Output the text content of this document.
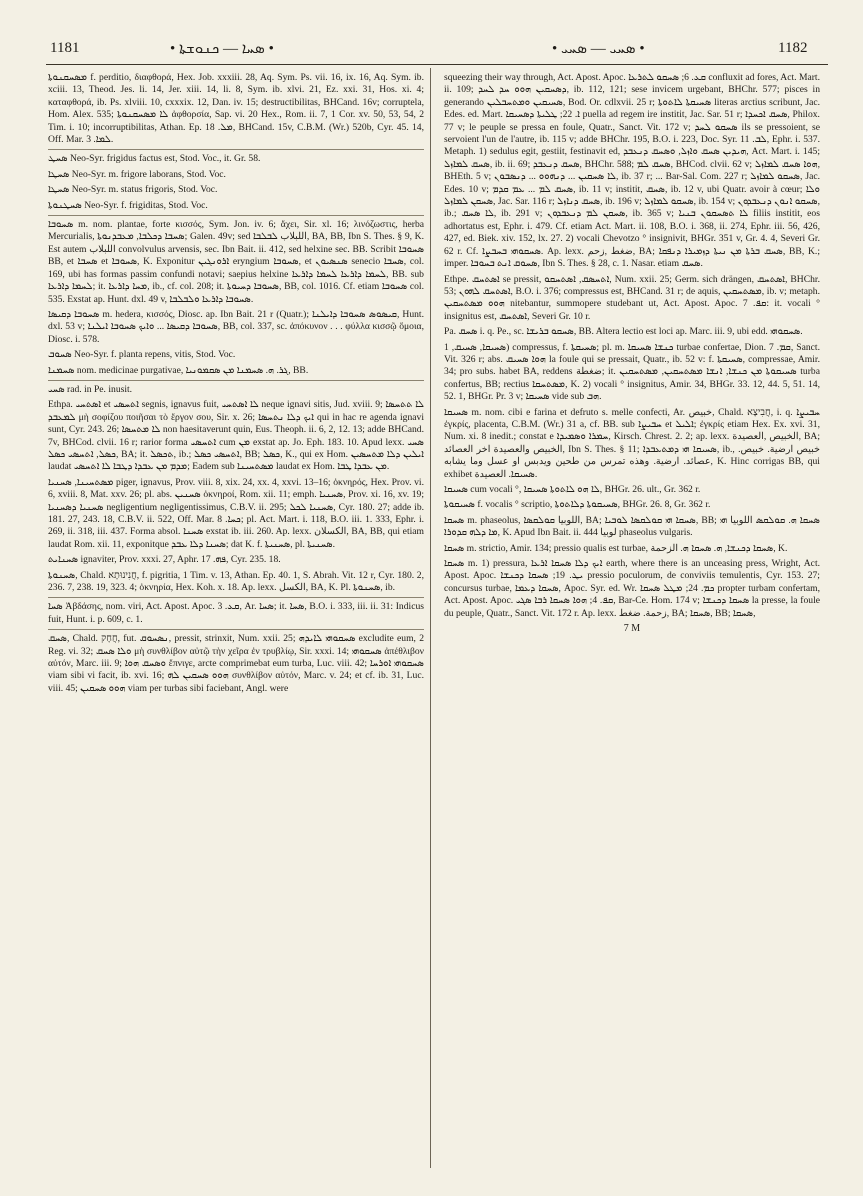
1181	• ܣܚܐ — ܟܢܘܫܬܐ •	• ܣܚܝ — ܣܚܝ •	1182

ܡܣܚܩܢܘܬܐ f. perditio, διαφθορά, Hex. Job. xxxiii. 28, Aq. Sym. Ps. vii. 16, ix. 16, Aq. Sym. ib. xciii. 13, Theod. Jes. li. 14, Jer. xiii. 14, li. 8, Sym. ib. xlvi. 21, Ez. xxi. 31, Hos. xi. 4; καταφθορά, ib. Ps. xlviii. 10, cxxxix. 12, Dan. iv. 15; destructibilitas, BHCand. 16v; corruptela, Hom. Alex. 535; ܠܐ ܡܣܚܩܢܘܬܐ ἀφθορσία, Sap. vi. 20 Hex., Rom. ii. 7, 1 Cor. xv. 50, 53, 54, 2 Tim. i. 10; incorruptibilitas, Athan. Ep. ܡܠ. 18, BHCand. 15v, C.B.M. (Wr.) 520b, Cyr. 45. 14, Off. Mar. ܠܡܐ. 3.

ܣܚܛ Neo-Syr. frigidus factus est, Stod. Voc., it. Gr. 58.

ܣܚܛܐ Neo-Syr. m. frigore laborans, Stod. Voc.

ܣܚܛܐ Neo-Syr. m. status frigoris, Stod. Voc.

ܣܚܛܢܘܬܐ Neo-Syr. f. frigiditas, Stod. Voc.

ܣܚܘܒܐ m. nom. plantae, forte κισσός, Sym. Jon. iv. 6; ἄχει, Sir. xl. 16; λινόζωστις, herba Mercurialis, ܣܚܒܐ ܕܟܠܒܐ, ܡܥܒܕܢܘܬܐ; Galen. 49v; sed اللبلاب ܠܒܠܒܐ, BA, BB, Ibn S. Thes. § 9, K. Est autem اللبلاب convolvulus arvensis, sec. Ibn Bait. ii. 412, sed helxine sec. BB. Scribit ܣܚܘܒܐ BB, et ܣܚܒܐ et ܣܚܘܒܐ, K. Exponitur ܐܪܘܢܓܝܢ eryngium ܣܚܘܒܐ, et ܣܢܣܝܘܢ senecio ܣܚܒܐ, col. 169, ubi has formas passim confundi notavi; saepius helxine ܠܚܡܐ ܕܐܪܥܐ ܠܚܡܐ ܕܐܪܥܐ, BB. sub ܠܚܡܐ ܕܐܪܥܐ; it. ܡܚܐ ܕܐܪܥܐ, ib., cf. col. 208; it. ܣܚܘܒܐ ܕܚܝܘܬܐ, BB, col. 1016. Cf. etiam ܣܚܘܒܐ col. 535. Exstat ap. Hunt. dxl. 49 v, ܣܚܘܒܐ ܕܐܪܥܐ ܘܠܒܠܒܐ.

ܣܚܘܒܐ ܕܩܝܣܐ m. hedera, κισσός, Diosc. ap. Ibn Bait. 21 r (Quatr.); ܩܝܣܘܣ ܣܚܘܒܐ ܕܐܝܠܢܐ, Hunt. dxl. 53 v; ܣܚܘܒܐ ܕܩܝܣܐ ... ܘܐܝܟ ܣܚܘܒܐ ܐܝܠܢܐ, BB, col. 337, sc. ἀπόκυνον . . . φύλλα κισσῷ ὅμοια, Diosc. i. 578.

ܣܚܘܒ Neo-Syr. f. planta repens, vitis, Stod. Voc.

ܣܚܡܢܐ nom. medicinae purgativae, ܓܪ. ܗ. ܣܚܡܢܐ ܡܢ ܣܩܡܘܢܝܐ, BB.

ܣܚܝ rad. in Pe. inusit.

Ethpa. ܐܣܬܚܝ et ܐܬܚܣܝ segnis, ignavus fuit, ܠܐ ܐܣܬܚܝ neque ignavi sitis, Jud. xviii. 9; ܠܐ ܬܬܚܣܐ ܠܡܥܒܕ μὴ σοφίζου ποιῆσαι τὸ ἔργον σου, Sir. x. 26; ܐܝܟ ܕܠܐ ܢܬܚܣܐ qui in hac re agenda ignavi sunt, Cyr. 243. 26; ܠܐ ܡܬܚܣܐ non haesitaverunt quin, Eus. Theoph. ii. 6, 2, 12. 13; adde BHCand. 7v, BHCod. clvii. 16 r; rarior forma ܐܬܚܣܝ cum ܡܢ exstat ap. Jo. Eph. 183. 10. Apud lexx. ܣܚܝ ܟܣܠ, ܐܬܚܣܝ ܟܣܠ, BA; it. ܬܟܣܠ, ib.; ܐܬܚܣܝ ܟܣܠ, BB; ܟܣܠ, K., qui ex Hom. ܐܝܠܝܢ ܕܠܐ ܡܬܚܣܝܢ laudat ܡܕܡ ܡܢ ܥܒܕܐ ܕܛܒܐ ܠܐ ܐܬܚܣܝ; Eadem sub ܡܣܬܚܝܢܐ laudat ex Hom. ܡܢ ܥܒܕܐ ܛܒܐ.

ܡܣܬܚܝܢܐ, ܣܚܢܝܐ piger, ignavus, Prov. viii. 8, xix. 24, xx. 4, xxvi. 13–16; ὀκνηρός, Hex. Prov. vi. 6, xviii. 8, Mat. xxv. 26; pl. abs. ܣܚܢܝܢ ὀκνηροί, Rom. xii. 11; emph. ܣܚܢܝܐ, Prov. xi. 16, xv. 19; ܣܚܢܝܐ ܕܣܚܢܝܐ negligentium negligentissimus, C.B.V. ii. 295; ܣܚܢܝܐ ܠܟܠ, Cyr. 180. 27; adde ib. 181. 27, 243. 18, C.B.V. ii. 522, Off. Mar. ܟܚܐ. 8; pl. Act. Mart. i. 118, B.O. iii. 1. 333, Ephr. i. 269, ii. 318, iii. 437. Forma absol. ܣܚܢܐ exstat ib. iii. 260. Ap. lexx. الكسلان, BA, BB, qui etiam laudat Rom. xii. 11, exponitque ܣܚܢܐ ܕܠܐ ܥܒܕ; dat K. f. ܣܚܢܝܬܐ, pl. ܣܚܢܝܬܐ.

ܣܚܢܐܝܬ ignaviter, Prov. xxxi. 27, Aphr. ܦܗ. 17, Cyr. 235. 18.

ܣܚܢܘܬܐ, Chald. חֲנִינוּתָא, f. pigritia, 1 Tim. v. 13, Athan. Ep. 40. 1, S. Abrah. Vit. 12 r, Cyr. 180. 2, 236. 7, 238. 19, 323. 4; ὀκνηρία, Hex. Koh. x. 18. Ap. lexx. الكسل, BA, K. Pl. ܣܚܢܘܬܐ, ib.

ܣܚܐ Ἀβδάσης, nom. viri, Act. Apost. Apoc. ܩܥ. 3, Ar. ܣܚܐ; it. ܣܚܐ, B.O. i. 333, iii. ii. 31: Indicus fuit, Hunt. i. p. 609, c. 1.

ܣܚܩ, Chald. חֲחָק, fut. ܢܣܚܘܩ, pressit, strinxit, Num. xxii. 25; ܣܚܩܘܗܝ ܠܐܝܕܗ excludite eum, 2 Reg. vi. 32; ܘܠܐ ܣܚܩ μὴ συνθλίβον αὐτῷ τὴν χεῖρα ἐν τρυβλίῳ, Sir. xxxi. 14; ܣܚܩܘܗܝ ἀπέθλιβον αὐτόν, Marc. iii. 9; ܘܣܚܩ ܗܘܐ ἔπνιγε, arcte comprimebat eum turba, Luc. viii. 42; ܣܚܩܘܗܝ ܐܘܪܚܐ viam sibi vi facit, ib. xvi. 16; ܗܘܘ ܣܚܩܝܢ ܠܗ συνθλίβον αὐτόν, Marc. v. 24; et cf. ib. 31, Luc. viii. 45; ܗܘܘ ܣܚܩܝܢ viam per turbas sibi faciebant, Angl. were

squeezing their way through, Act. Apost. Apoc. ܩܥ. 6; ܣܚܩܘ ܠܬܪܥܐ confluxit ad fores, Act. Mart. ii. 109; ܕܣܚܩܝܢ ܗܘܘ ܚܕ ܠܚܕ, ib. 112, 121; sese invicem urgebant, BHChr. 577; pisces in generando ܣܚܝܩܝܢ ܘܡܬܚܒܠܝܢ, Bod. Or. cdlxvii. 25 r; ܣܚܝܩܬܐ ܠܐܬܘܬܐ literas arctius scribunt, Jac. Edes. ed. Mart. ܐ. 22; ܛܠܝܬܐ ܕܣܚܝܩܐ puella ad regem ire institit, Jac. Sar. 51 r; ܣܚܩ ܐܟܚܕܐ, Philox. 77 v; le peuple se pressa en foule, Quatr., Sanct. Vit. 172 v; ܣܚܩܘ ܠܚܕ ils se pressoient, se servoient l'un de l'autre, ib. 115 v; adde BHChr. 195, B.O. i. 223, Doc. Syr. ܠܒ. 11, Ephr. i. 537. Metaph. 1) sedulus egit, gestiit, festinavit ed, ܗܝܕܝܢ ܣܚܩ ܘܐܙܠ, ܘܣܚܩ ܕܢܥܒܕ, Act. Mart. i. 145; ܣܚܩ ܠܡܐܙܠ, ib. ii. 69; ܣܚܩ ܕܢܥܒܕ, BHChr. 588; ܣܚܩ ܠܡ, BHCod. clvii. 62 v; ܗܘܐ ܣܚܩ ܠܡܐܙܠ, BHEth. 5 v; ܠܐ ܣܚܩܝܢ ... ܕܢܗܘܘ ... ܕܢܣܒܘܢ, ib. 37 r; ... Bar-Sal. Com. 227 r; ܣܚܩܘ ܠܡܐܙܠ, Jac. Edes. 10 v; ܣܚܩ ܠܡ ... ܥܡ ܩܕܡ, ib. 11 v; institit, ܣܚܩ, ib. 12 v, ubi Quatr. avoir à cœur; ܘܠܐ ܣܚܩܢ ܠܡܐܙܠ, Jac. Sar. 116 r; ܣܚܩ ܕܢܐܙܠ, ib. 196 v; ܣܚܩܘ ܠܡܐܙܠ, ib. 154 v; ܣܚܩܘ ܐܢܘܢ ܕܢܥܒܕܘܢ, ib.; ܠܐ ܣܚܩ, ib. 291 v; ܣܚܩܢ ܠܡ ܕܢܥܒܕܘܢ, ib. 365 v; ܠܐ ܬܣܚܩܘܢ ܒܢܝܐ filiis institit, eos adhortatus est, Ephr. i. 479. Cf. etiam Act. Mart. ii. 108, B.O. i. 368, ii. 274, Ephr. iii. 56, 426, 427, ed. Biek. xiv. 152, lx. 27. 2) vocali Chevotzo ° insignivit, BHGr. 351 v, Gr. 4. 4, Severi Gr. 62 r. Cf. ܣܚܩܘܗܝ ܒܚܒܨܐ. Ap. lexx. ضغط ,زحم, BA; ܣܚܩ ܒܪܬܐ ܡܢ ܢܝܬܐ ܕܙܡܝܪܐ ܕܢܦܩܐ, BB, K.; imper. ܣܚܘܩ ܐܢܬ ܒܚܘܒܐ, Ibn S. Thes. § 28, c. 1. Nasar. etiam ܣܚܩ.

Ethpe. ܐܣܬܚܩ se pressit, ܐܬܚܣܩ, ܐܣܬܚܩܘ, Num. xxii. 25; Germ. sich drängen, ܐܣܬܚܩ, BHChr. 53; ܐܣܬܚܩ ܠܗܘܢ, B.O. i. 376; compressus est, BHCand. 31 r; de aquis, ܡܣܬܚܩܝܢ, ib. v; metaph. ܗܘܘ ܡܣܬܚܩܝܢ nitebantur, summopere studebant ut, Act. Apost. Apoc. ܩܦ. 7: it. vocali ° insignitus est, ܐܣܬܚܩ, Severi Gr. 10 r.

Pa. ܣܚܩ i. q. Pe., sc. ܣܚܩܘ ܒܪܝܫܐ, BB. Altera lectio est loci ap. Marc. iii. 9, ubi edd. ܣܚܩܘܗܝ.

ܣܚܝܩܐ, ܣܚܝܩ, 1) compressus, f. ܣܚܝܩܬܐ; pl. m. ܟܢܫܐ ܣܚܝܩܐ turbae confertae, Dion. ܩܡ. 7, Sanct. Vit. 326 r; abs. ܗܘܐ ܣܚܝܩ la foule qui se pressait, Quatr., ib. 52 v: f. ܣܚܝܩܬܐ, compressae, Amir. 34; pro subs. habet BA, reddens ضغطة; it. ܣܚܝܩܘܬܐ ܡܢ ܟܢܫܐ, ܐܢܫܐ ܡܣܬܚܩܝܢ, ܡܣܬܚܩܝܢ turba confertus, BB; rectius ܡܣܬܚܩܐ, K. 2) vocali ° insignitus, Amir. 34, BHGr. 33. 12, 44. 5, 51. 14, 52. 1, BHGr. Pr. 3 v; ܣܚܝܩܐ vide sub ܗܒ.

ܣܚܝܩܐ m. nom. cibi e farina et defruto s. melle confecti, Ar. خبيص, Chald. חֲבִיצָא, i. q. ܚܒܝܨܐ ἐγκρίς, placenta, C.B.M. (Wr.) 31 a, cf. BB. sub ܚܒܝܨܐ et ܐܠܝܠ; ἐγκρίς etiam Hex. Ex. xvi. 31, Num. xi. 8 inedit.; constat e ܚܡܪܐ ܘܣܡܝܕܐ, Kirsch. Chrest. 2. 2; ap. lexx. الخبيص ,العصيدة, BA; الخبيص والعصيدة اخر العصائد, Ibn S. Thes. § 11; ܣܚܝܩܐ ܗܝ ܕܡܬܥܒܕܐ, ib., خبيص ارضية. خبيص. عصائد. ارضية. وهذه تمرس من طحين ويدبس او عسل وما يشابه, K. Hinc corrigas BB, qui exhibet ܣܚܝܩܐ. العصيدة.

ܣܚܝܩܐ cum vocali °, ܠܐ ܗܘ ܠܐܬܘܬܐ ܣܚܝܩܐ, BHGr. 26. ult., Gr. 362 r.

ܣܚܝܩܘܬܐ f. vocalis ° scriptio, ܣܚܝܩܘܬܐ ܕܠܐܬܘܬܐ, BHGr. 26. 8, Gr. 362 r.

ܣܚܩܐ m. phaseolus, اللوبيا ܩܘܠܩܣܐ, BA; ܣܚܩܐ ܗܝ ܩܘܠܩܣܐ ܠܘܒܝܐ, BB; ܣܚܩܐ ܗ. ܩܘܠܩܣ اللوبيا ܗܝ ܡܐ ܕܠܗ ܩܕܘܪܐ, K. Apud Ibn Bait. ii. 444 لوبيا phaseolus vulgaris.

ܣܚܩܐ m. strictio, Amir. 134; pressio qualis est turbae, ܣܚܩܐ ܕܟܢܫܐ, ܗ. ܣܚܩܐ ܗ. الزحمة, K.

ܣܚܩܐ m. 1) pressura, ܐܝܟ ܕܠܐ ܣܚܩܐ ܐܪܥܐ earth, where there is an unceasing press, Wright, Act. Apost. Apoc. ܝܛ. 19; ܣܚܩܐ ܕܟܢܫܐ pressio poculorum, de conviviis temulentis, Cyr. 153. 27; concursus turbae, ܣܚܩܐ ܕܥܡܐ, Apoc. Syr. ed. Wr. ܟܡ. 24; ܡܛܠ ܣܚܩܐ propter turbam confertam, Act. Apost. Apoc. ܩܦ. 4; ܗܘܐ ܣܚܩܐ ܪܒܐ ܣܓܝ, Bar-Ce. Hom. 174 v; ܣܚܩܐ ܕܟܢܫܐ la presse, la foule du peuple, Quatr., Sanct. Vit. 172 r. Ap. lexx. زحمة. ضغط, BA; ܣܚܩܐ, BB; ܣܚܩܐ,

7 M
